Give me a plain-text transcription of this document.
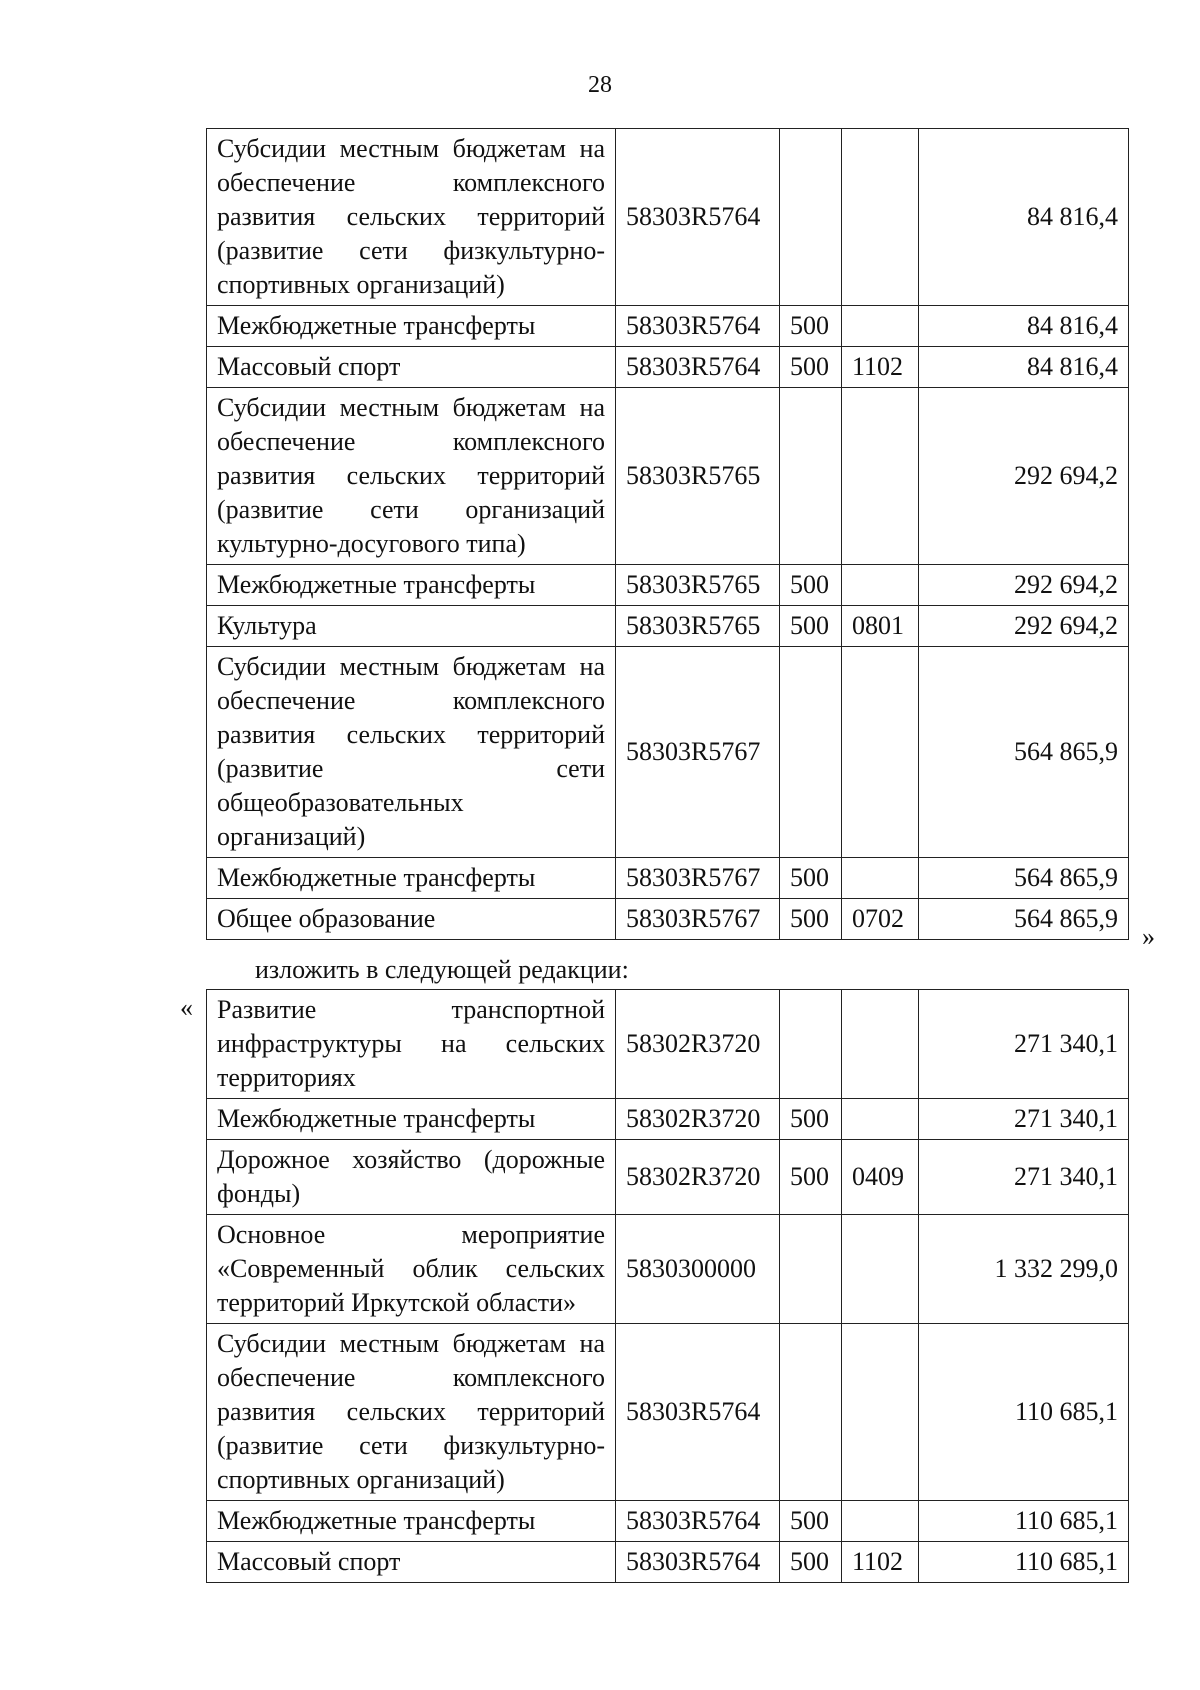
28
Субсидии местным бюджетам на обеспечение комплексного развития сельских территорий (развитие сети физкультурно-спортивных организаций)	58303R5764			84 816,4
Межбюджетные трансферты	58303R5764	500		84 816,4
Массовый спорт	58303R5764	500	1102	84 816,4
Субсидии местным бюджетам на обеспечение комплексного развития сельских территорий (развитие сети организаций культурно-досугового типа)	58303R5765			292 694,2
Межбюджетные трансферты	58303R5765	500		292 694,2
Культура	58303R5765	500	0801	292 694,2
Субсидии местным бюджетам на обеспечение комплексного развития сельских территорий (развитие сети общеобразовательных организаций)	58303R5767			564 865,9
Межбюджетные трансферты	58303R5767	500		564 865,9
Общее образование	58303R5767	500	0702	564 865,9
»
изложить в следующей редакции:
« Развитие транспортной инфраструктуры на сельских территориях	58302R3720			271 340,1
Межбюджетные трансферты	58302R3720	500		271 340,1
Дорожное хозяйство (дорожные фонды)	58302R3720	500	0409	271 340,1
Основное мероприятие «Современный облик сельских территорий Иркутской области»	5830300000			1 332 299,0
Субсидии местным бюджетам на обеспечение комплексного развития сельских территорий (развитие сети физкультурно-спортивных организаций)	58303R5764			110 685,1
Межбюджетные трансферты	58303R5764	500		110 685,1
Массовый спорт	58303R5764	500	1102	110 685,1
